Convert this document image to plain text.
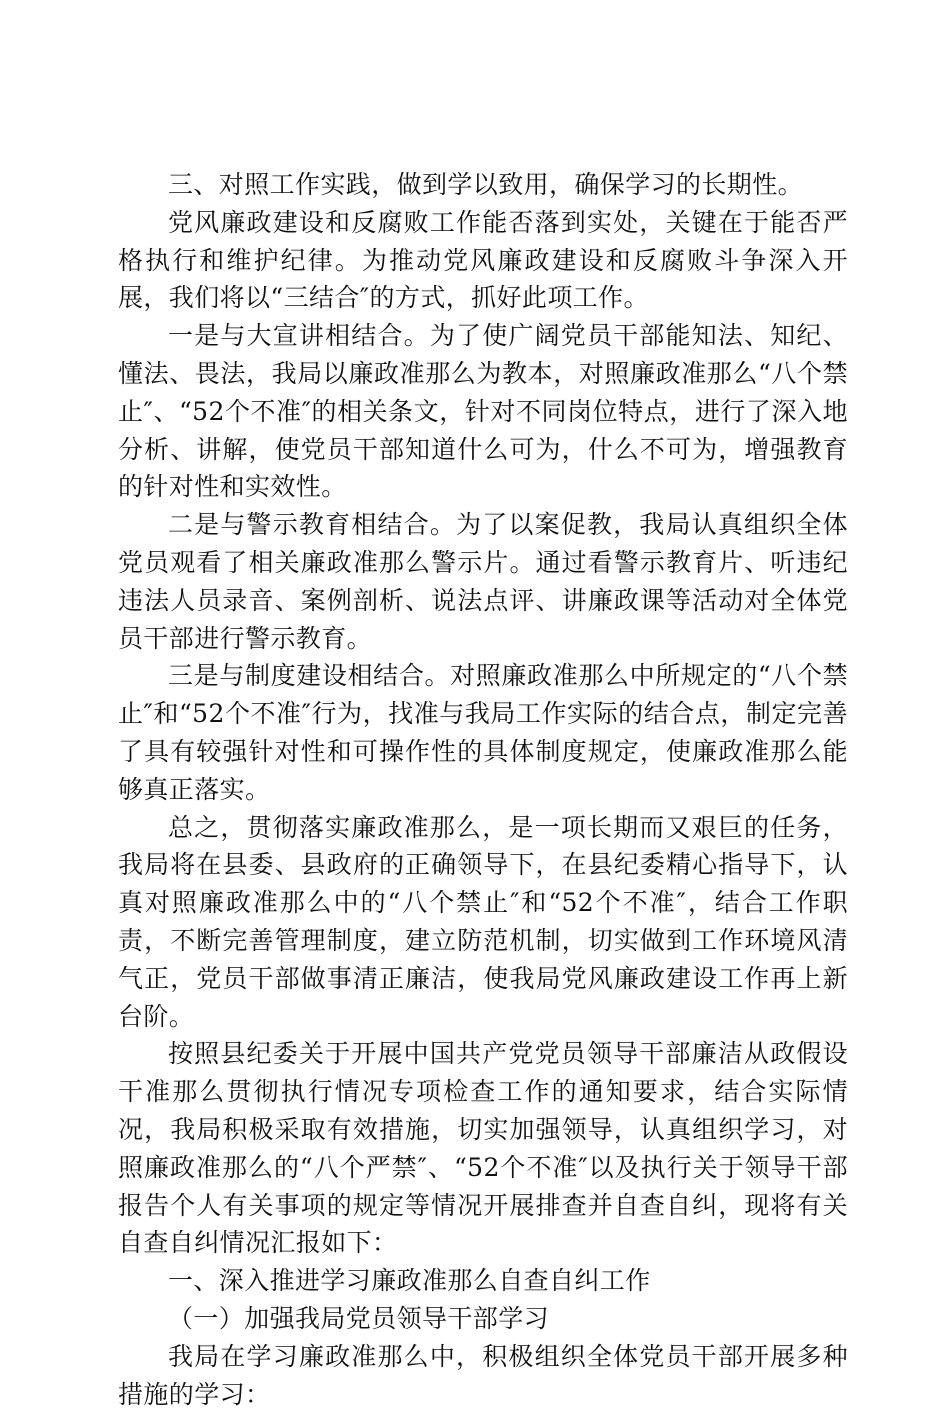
三、对照工作实践，做到学以致用，确保学习的长期性。

党风廉政建设和反腐败工作能否落到实处，关键在于能否严格执行和维护纪律。为推动党风廉政建设和反腐败斗争深入开展，我们将以“三结合″的方式，抓好此项工作。

一是与大宣讲相结合。为了使广阔党员干部能知法、知纪、懂法、畏法，我局以廉政准那么为教本，对照廉政准那么“八个禁止″、“52个不准″的相关条文，针对不同岗位特点，进行了深入地分析、讲解，使党员干部知道什么可为，什么不可为，增强教育的针对性和实效性。

二是与警示教育相结合。为了以案促教，我局认真组织全体党员观看了相关廉政准那么警示片。通过看警示教育片、听违纪违法人员录音、案例剖析、说法点评、讲廉政课等活动对全体党员干部进行警示教育。

三是与制度建设相结合。对照廉政准那么中所规定的“八个禁止″和“52个不准″行为，找准与我局工作实际的结合点，制定完善了具有较强针对性和可操作性的具体制度规定，使廉政准那么能够真正落实。

总之，贯彻落实廉政准那么，是一项长期而又艰巨的任务，我局将在县委、县政府的正确领导下，在县纪委精心指导下，认真对照廉政准那么中的“八个禁止″和“52个不准″，结合工作职责，不断完善管理制度，建立防范机制，切实做到工作环境风清气正，党员干部做事清正廉洁，使我局党风廉政建设工作再上新台阶。

按照县纪委关于开展中国共产党党员领导干部廉洁从政假设干准那么贯彻执行情况专项检查工作的通知要求，结合实际情况，我局积极采取有效措施，切实加强领导，认真组织学习，对照廉政准那么的“八个严禁″、“52个不准″以及执行关于领导干部报告个人有关事项的规定等情况开展排查并自查自纠，现将有关自查自纠情况汇报如下：

一、深入推进学习廉政准那么自查自纠工作

（一）加强我局党员领导干部学习

我局在学习廉政准那么中，积极组织全体党员干部开展多种措施的学习：
